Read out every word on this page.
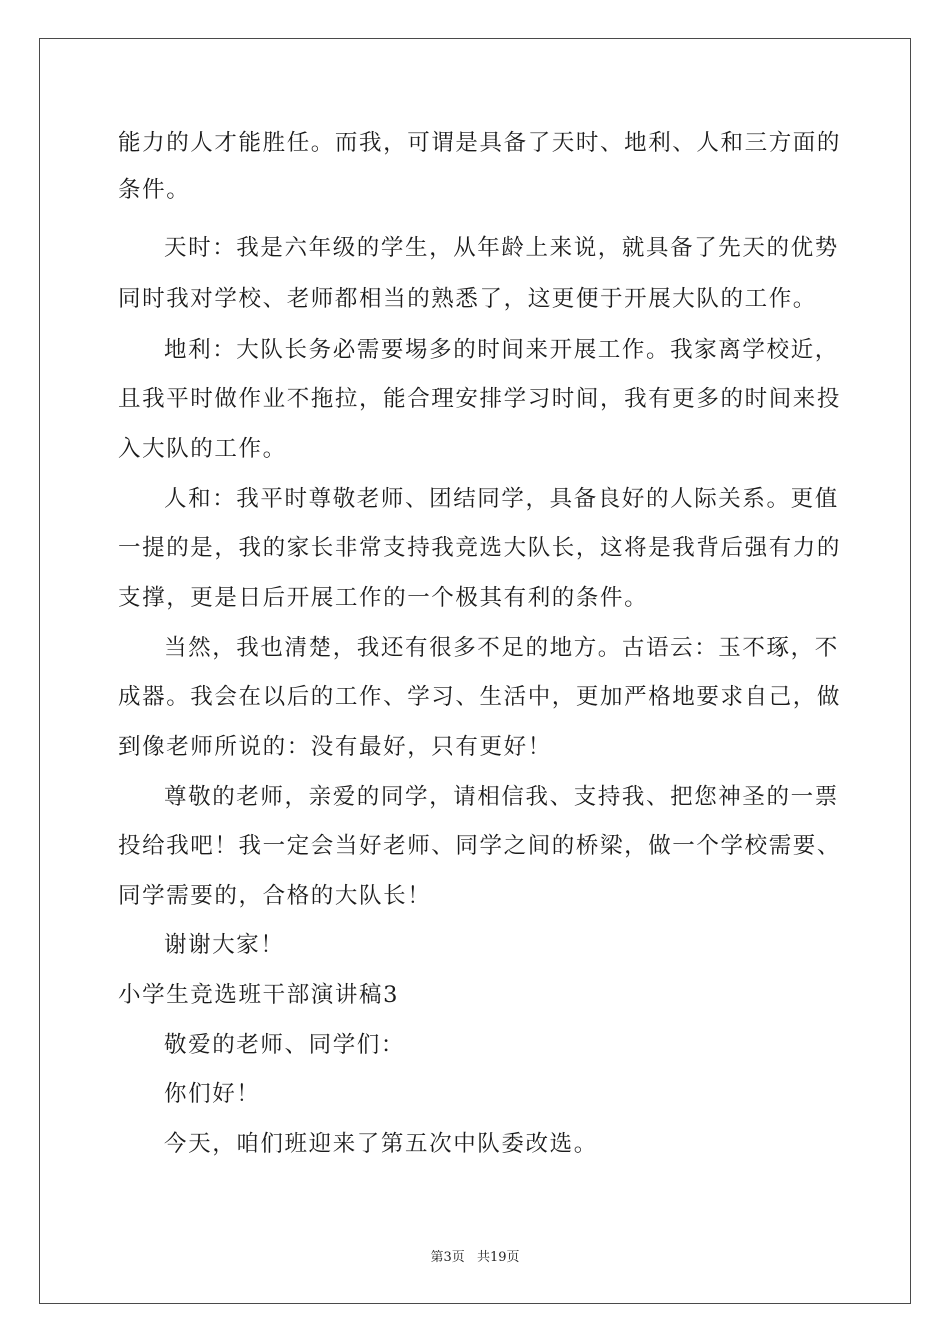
能力的人才能胜任。而我，可谓是具备了天时、地利、人和三方面的
条件。
天时：我是六年级的学生，从年龄上来说，就具备了先天的优势
同时我对学校、老师都相当的熟悉了，这更便于开展大队的工作。
地利：大队长务必需要埸多的时间来开展工作。我家离学校近，
且我平时做作业不拖拉，能合理安排学习时间，我有更多的时间来投
入大队的工作。
人和：我平时尊敬老师、团结同学，具备良好的人际关系。更值
一提的是，我的家长非常支持我竞选大队长，这将是我背后强有力的
支撑，更是日后开展工作的一个极其有利的条件。
当然，我也清楚，我还有很多不足的地方。古语云：玉不琢，不
成器。我会在以后的工作、学习、生活中，更加严格地要求自己，做
到像老师所说的：没有最好，只有更好！
尊敬的老师，亲爱的同学，请相信我、支持我、把您神圣的一票
投给我吧！我一定会当好老师、同学之间的桥梁，做一个学校需要、
同学需要的，合格的大队长！
谢谢大家！
小学生竞选班干部演讲稿3
敬爱的老师、同学们：
你们好！
今天，咱们班迎来了第五次中队委改选。
第3页 共19页
